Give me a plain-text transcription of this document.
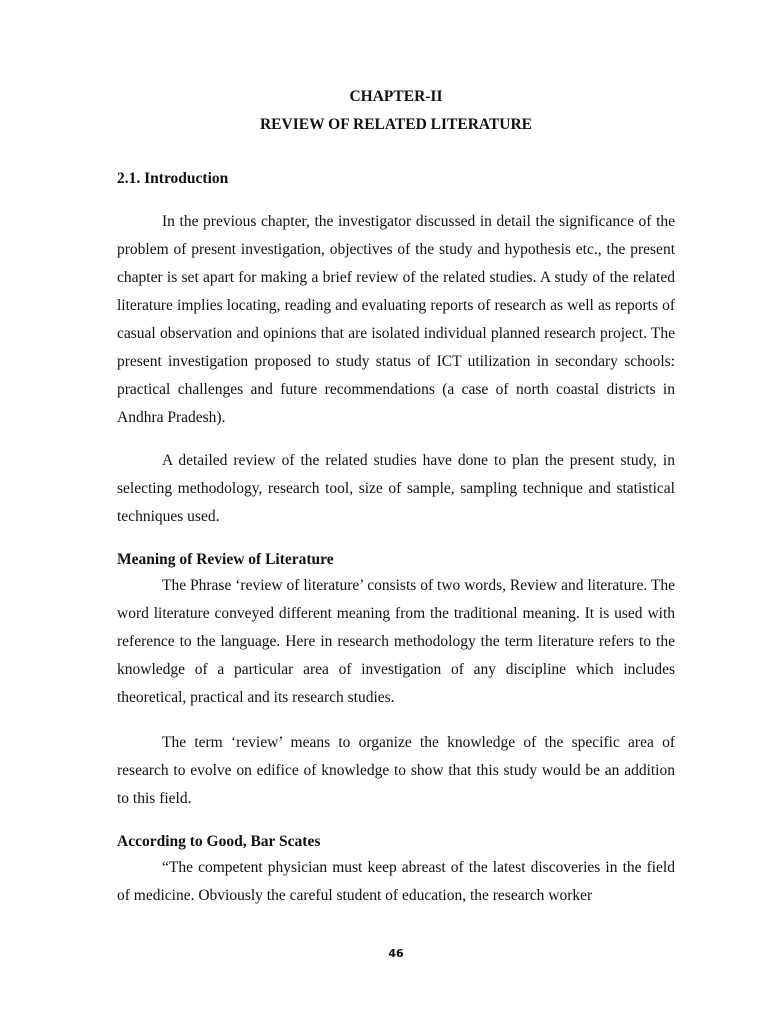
CHAPTER-II
REVIEW OF RELATED LITERATURE
2.1. Introduction

In the previous chapter, the investigator discussed in detail the significance of the problem of present investigation, objectives of the study and hypothesis etc., the present chapter is set apart for making a brief review of the related studies. A study of the related literature implies locating, reading and evaluating reports of research as well as reports of casual observation and opinions that are isolated individual planned research project. The present investigation proposed to study status of ICT utilization in secondary schools: practical challenges and future recommendations (a case of north coastal districts in Andhra Pradesh).

A detailed review of the related studies have done to plan the present study, in selecting methodology, research tool, size of sample, sampling technique and statistical techniques used.

Meaning of Review of Literature

The Phrase ‘review of literature’ consists of two words, Review and literature. The word literature conveyed different meaning from the traditional meaning. It is used with reference to the language. Here in research methodology the term literature refers to the knowledge of a particular area of investigation of any discipline which includes theoretical, practical and its research studies.

The term ‘review’ means to organize the knowledge of the specific area of research to evolve on edifice of knowledge to show that this study would be an addition to this field.

According to Good, Bar Scates

“The competent physician must keep abreast of the latest discoveries in the field of medicine. Obviously the careful student of education, the research worker

46
